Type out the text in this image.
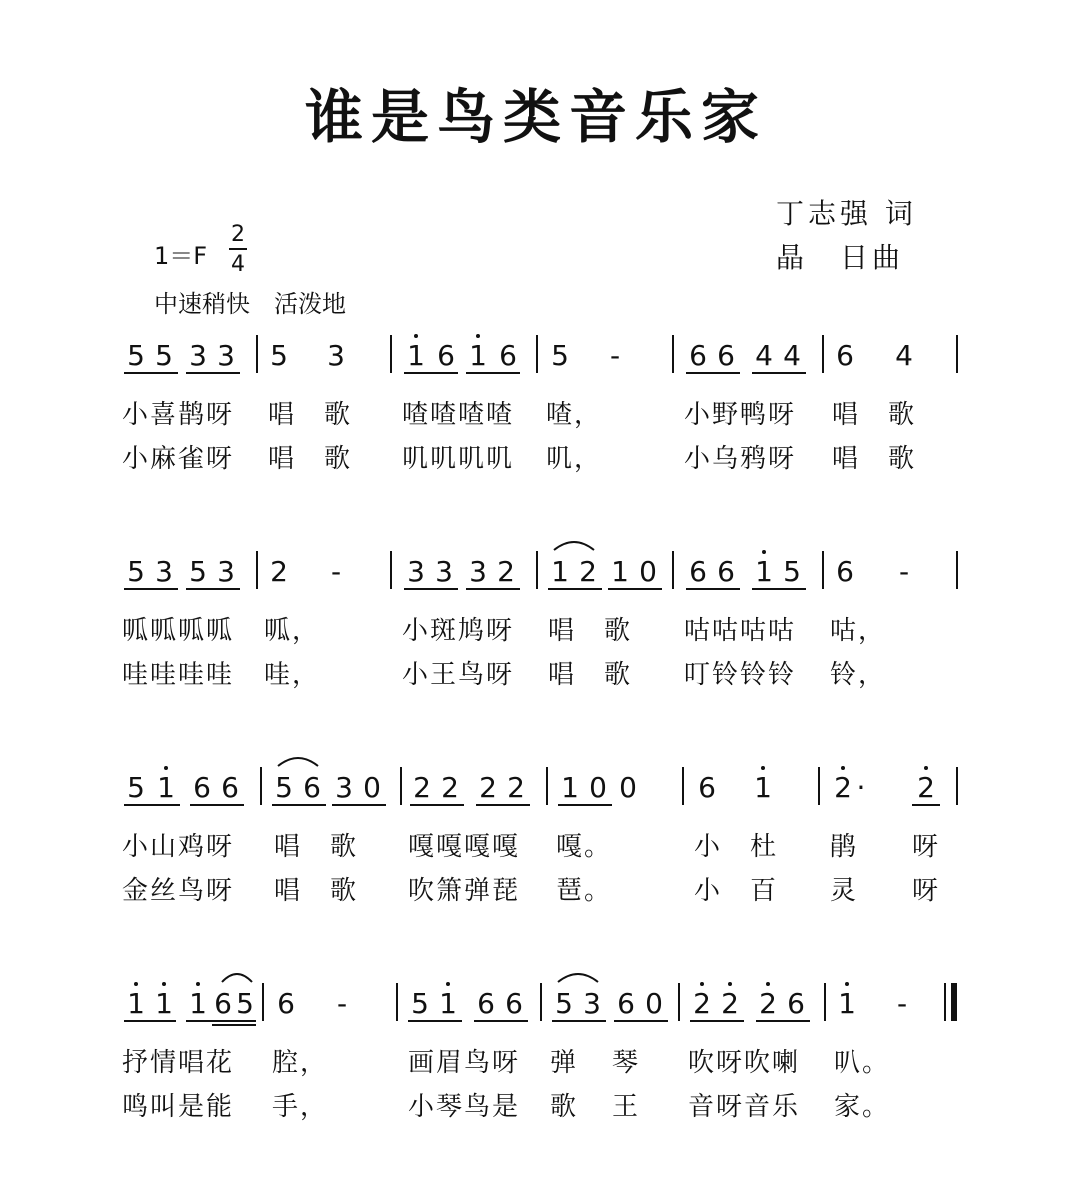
谁是鸟类音乐家
丁志强 词
晶　日曲
1＝F
2
4
中速稍快　活泼地
5 5 3 3 5 3 1 6 1 6 5	-	6 6 4 4 6 4
小喜鹊呀 唱 歌 喳喳喳喳 喳，	小野鸭呀 唱 歌
小麻雀呀 唱 歌 叽叽叽叽 叽，	小乌鸦呀 唱 歌
5 3 5 3 2	-	3 3 3 2 1 2 1 0 6 6 1 5 6	-
呱呱呱呱 呱，	小斑鸠呀 唱 歌 咕咕咕咕 咕，
哇哇哇哇 哇，	小王鸟呀 唱 歌 叮铃铃铃 铃，
5 1 6 6 5 6 3 0 2 2 2 2 1 0 0 6 1 2 ·	2
小山鸡呀 唱 歌 嘎嘎嘎嘎 嘎。	小 杜 鹃 呀
金丝鸟呀 唱 歌 吹箫弹琵 琶。	小 百 灵 呀
1 1 1 6 5 6	-	5 1 6 6 5 3 6 0 2 2 2 6 1	-
抒情唱花 腔，	画眉鸟呀 弹 琴 吹呀吹喇 叭。
鸣叫是能 手，	小琴鸟是 歌 王 音呀音乐 家。
